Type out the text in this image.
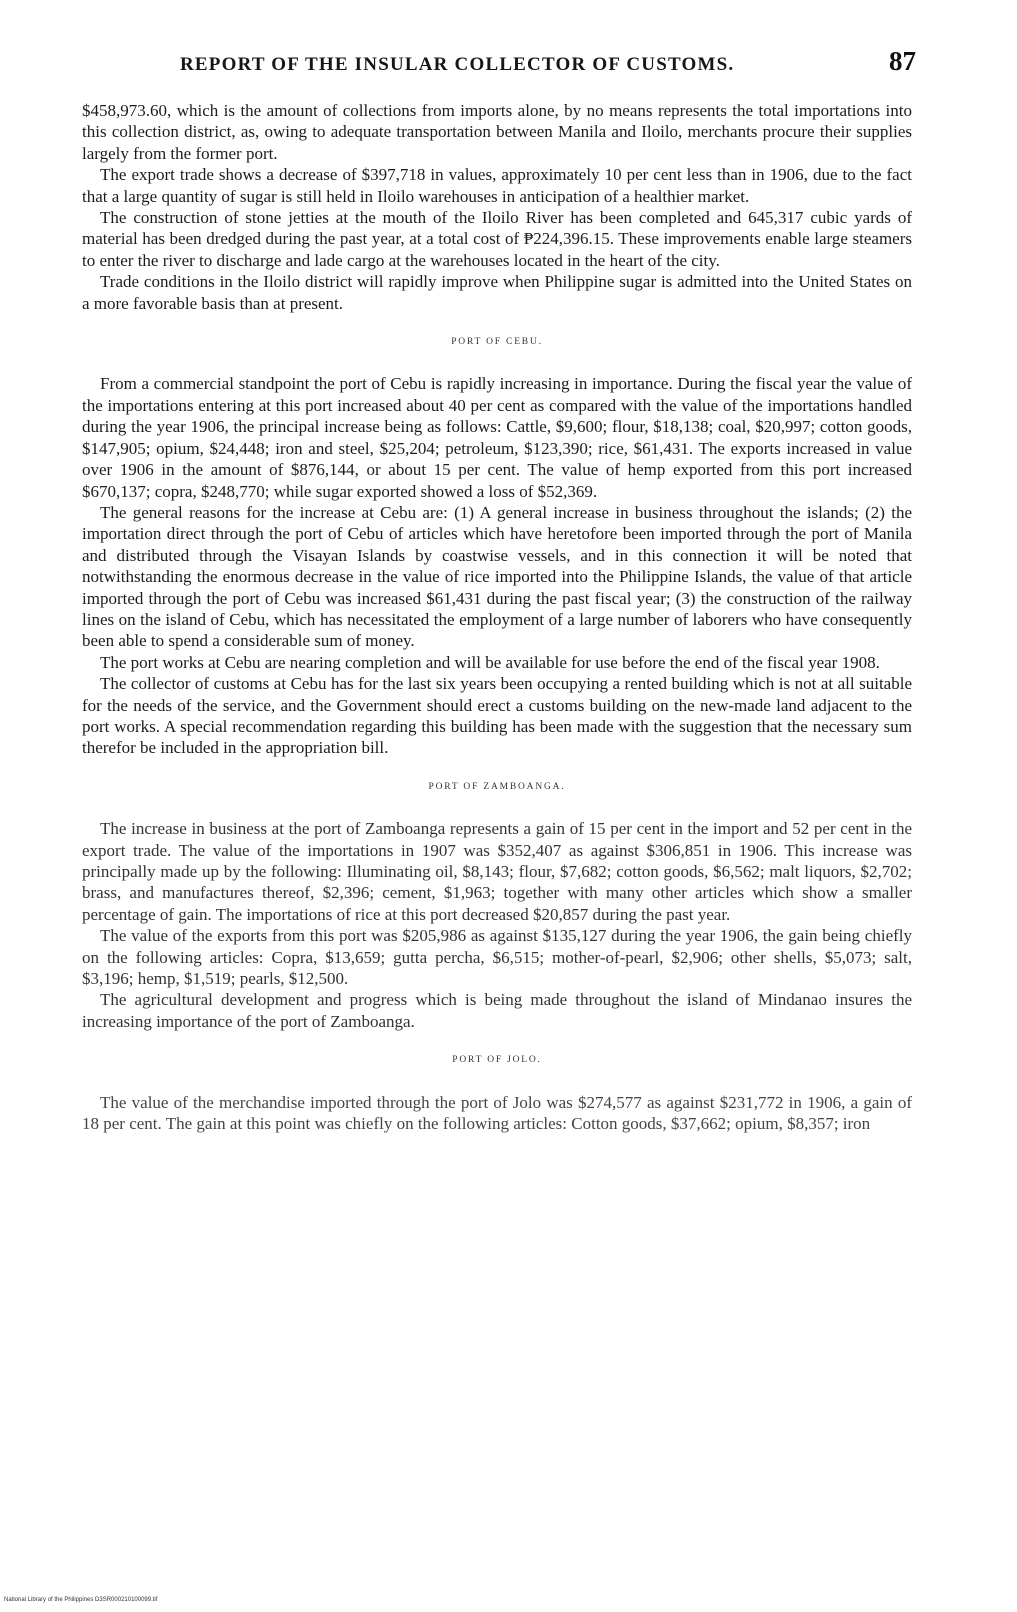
REPORT OF THE INSULAR COLLECTOR OF CUSTOMS.	87

$458,973.60, which is the amount of collections from imports alone, by no means represents the total importations into this collection district, as, owing to adequate transportation between Manila and Iloilo, merchants procure their supplies largely from the former port.

The export trade shows a decrease of $397,718 in values, approximately 10 per cent less than in 1906, due to the fact that a large quantity of sugar is still held in Iloilo warehouses in anticipation of a healthier market.

The construction of stone jetties at the mouth of the Iloilo River has been completed and 645,317 cubic yards of material has been dredged during the past year, at a total cost of ₱224,396.15. These improvements enable large steamers to enter the river to discharge and lade cargo at the warehouses located in the heart of the city.

Trade conditions in the Iloilo district will rapidly improve when Philippine sugar is admitted into the United States on a more favorable basis than at present.

PORT OF CEBU.

From a commercial standpoint the port of Cebu is rapidly increasing in importance. During the fiscal year the value of the importations entering at this port increased about 40 per cent as compared with the value of the importations handled during the year 1906, the principal increase being as follows: Cattle, $9,600; flour, $18,138; coal, $20,997; cotton goods, $147,905; opium, $24,448; iron and steel, $25,204; petroleum, $123,390; rice, $61,431. The exports increased in value over 1906 in the amount of $876,144, or about 15 per cent. The value of hemp exported from this port increased $670,137; copra, $248,770; while sugar exported showed a loss of $52,369.

The general reasons for the increase at Cebu are: (1) A general increase in business throughout the islands; (2) the importation direct through the port of Cebu of articles which have heretofore been imported through the port of Manila and distributed through the Visayan Islands by coastwise vessels, and in this connection it will be noted that notwithstanding the enormous decrease in the value of rice imported into the Philippine Islands, the value of that article imported through the port of Cebu was increased $61,431 during the past fiscal year; (3) the construction of the railway lines on the island of Cebu, which has necessitated the employment of a large number of laborers who have consequently been able to spend a considerable sum of money.

The port works at Cebu are nearing completion and will be available for use before the end of the fiscal year 1908.

The collector of customs at Cebu has for the last six years been occupying a rented building which is not at all suitable for the needs of the service, and the Government should erect a customs building on the new-made land adjacent to the port works. A special recommendation regarding this building has been made with the suggestion that the necessary sum therefor be included in the appropriation bill.

PORT OF ZAMBOANGA.

The increase in business at the port of Zamboanga represents a gain of 15 per cent in the import and 52 per cent in the export trade. The value of the importations in 1907 was $352,407 as against $306,851 in 1906. This increase was principally made up by the following: Illuminating oil, $8,143; flour, $7,682; cotton goods, $6,562; malt liquors, $2,702; brass, and manufactures thereof, $2,396; cement, $1,963; together with many other articles which show a smaller percentage of gain. The importations of rice at this port decreased $20,857 during the past year.

The value of the exports from this port was $205,986 as against $135,127 during the year 1906, the gain being chiefly on the following articles: Copra, $13,659; gutta percha, $6,515; mother-of-pearl, $2,906; other shells, $5,073; salt, $3,196; hemp, $1,519; pearls, $12,500.

The agricultural development and progress which is being made throughout the island of Mindanao insures the increasing importance of the port of Zamboanga.

PORT OF JOLO.

The value of the merchandise imported through the port of Jolo was $274,577 as against $231,772 in 1906, a gain of 18 per cent. The gain at this point was chiefly on the following articles: Cotton goods, $37,662; opium, $8,357; iron

National Library of the Philippines D3SR000210100099.tif
